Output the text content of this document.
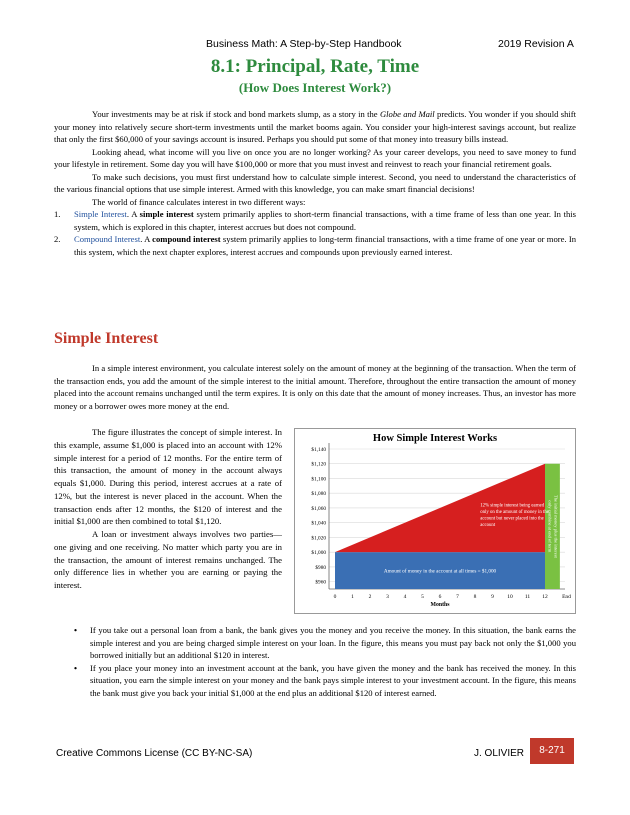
Business Math: A Step-by-Step Handbook	2019 Revision A
8.1: Principal, Rate, Time
(How Does Interest Work?)

Your investments may be at risk if stock and bond markets slump, as a story in the Globe and Mail predicts. You wonder if you should shift your money into relatively secure short-term investments until the market booms again. You consider your high-interest savings account, but realize that only the first $60,000 of your savings account is insured. Perhaps you should put some of that money into treasury bills instead.

Looking ahead, what income will you live on once you are no longer working? As your career develops, you need to save money to fund your lifestyle in retirement. Some day you will have $100,000 or more that you must invest and reinvest to reach your financial retirement goals.

To make such decisions, you must first understand how to calculate simple interest. Second, you need to understand the characteristics of the various financial options that use simple interest. Armed with this knowledge, you can make smart financial decisions!

The world of finance calculates interest in two different ways:

1. Simple Interest. A simple interest system primarily applies to short-term financial transactions, with a time frame of less than one year. In this system, which is explored in this chapter, interest accrues but does not compound.
2. Compound Interest. A compound interest system primarily applies to long-term financial transactions, with a time frame of one year or more. In this system, which the next chapter explores, interest accrues and compounds upon previously earned interest.
Simple Interest

In a simple interest environment, you calculate interest solely on the amount of money at the beginning of the transaction. When the term of the transaction ends, you add the amount of the simple interest to the initial amount. Therefore, throughout the entire transaction the amount of money placed into the account remains unchanged until the term expires. It is only on this date that the amount of money increases. Thus, an investor has more money or a borrower owes more money at the end.

The figure illustrates the concept of simple interest. In this example, assume $1,000 is placed into an account with 12% simple interest for a period of 12 months. For the entire term of this transaction, the amount of money in the account always equals $1,000. During this period, interest accrues at a rate of 12%, but the interest is never placed in the account. When the transaction ends after 12 months, the $120 of interest and the initial $1,000 are then combined to total $1,120.

A loan or investment always involves two parties—one giving and one receiving. No matter which party you are in the transaction, the amount of interest remains unchanged. The only difference lies in whether you are earning or paying the interest.

How Simple Interest Works
$960
$980
$1,000
$1,020
$1,040
$1,060
$1,080
$1,100
$1,120
$1,140
0	1	2	3	4	5	6	7	8	9 10 11 12	End
Months
Amount of money in the account at all times = $1,000
12% simple interest being earned only on the amount of money in the account but never placed into the account	The initial money plus the interestonly combine at end of term
• If you take out a personal loan from a bank, the bank gives you the money and you receive the money. In this situation, the bank earns the simple interest and you are being charged simple interest on your loan. In the figure, this means you must pay back not only the $1,000 you borrowed initially but an additional $120 in interest.
• If you place your money into an investment account at the bank, you have given the money and the bank has received the money. In this situation, you earn the simple interest on your money and the bank pays simple interest to your investment account. In the figure, this means the bank must give you back your initial $1,000 at the end plus an additional $120 of interest earned.
Creative Commons License (CC BY-NC-SA)	J. OLIVIER	8-271
